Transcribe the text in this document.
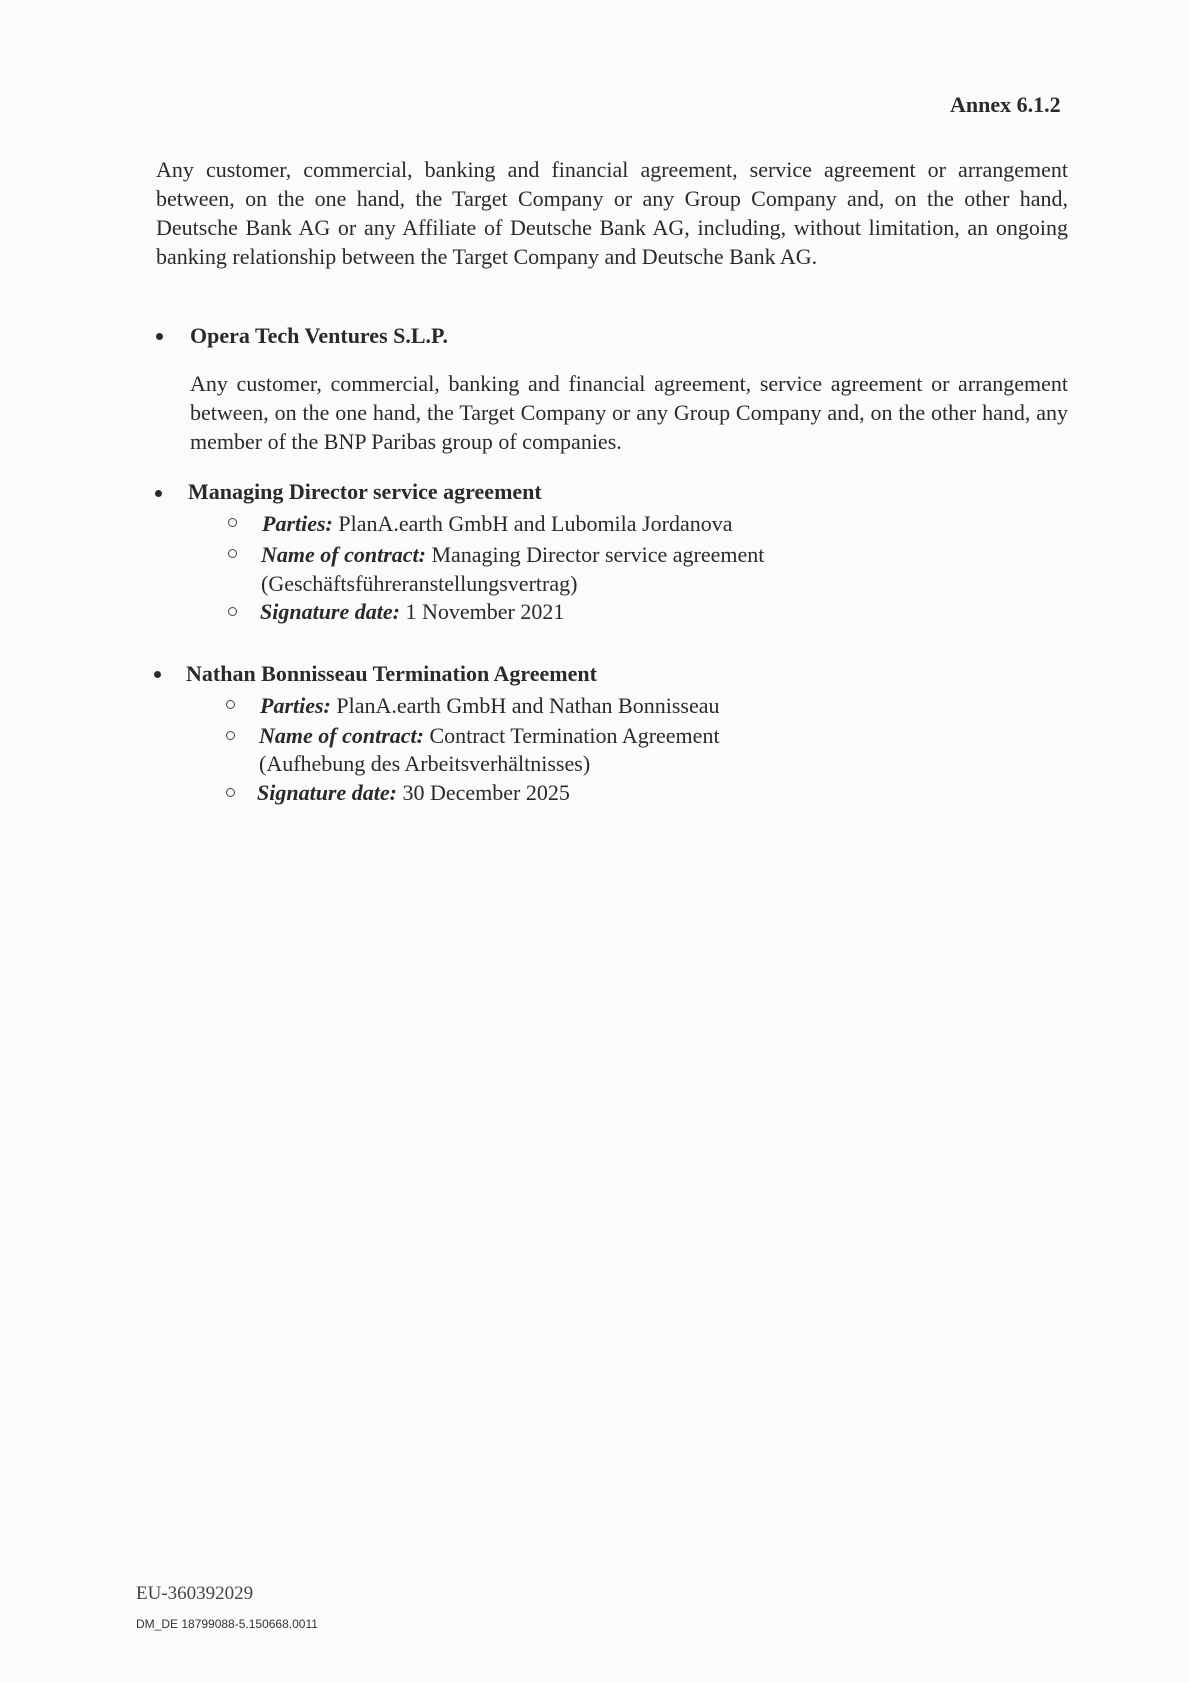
Annex 6.1.2
Any customer, commercial, banking and financial agreement, service agreement or arrangement between, on the one hand, the Target Company or any Group Company and, on the other hand, Deutsche Bank AG or any Affiliate of Deutsche Bank AG, including, without limitation, an ongoing banking relationship between the Target Company and Deutsche Bank AG.
Opera Tech Ventures S.L.P.
Any customer, commercial, banking and financial agreement, service agreement or arrangement between, on the one hand, the Target Company or any Group Company and, on the other hand, any member of the BNP Paribas group of companies.
Managing Director service agreement
Parties: PlanA.earth GmbH and Lubomila Jordanova
Name of contract: Managing Director service agreement
(Geschäftsführeranstellungsvertrag)
Signature date: 1 November 2021
Nathan Bonnisseau Termination Agreement
Parties: PlanA.earth GmbH and Nathan Bonnisseau
Name of contract: Contract Termination Agreement
(Aufhebung des Arbeitsverhältnisses)
Signature date: 30 December 2025
EU-360392029
DM_DE 18799088-5.150668.0011
